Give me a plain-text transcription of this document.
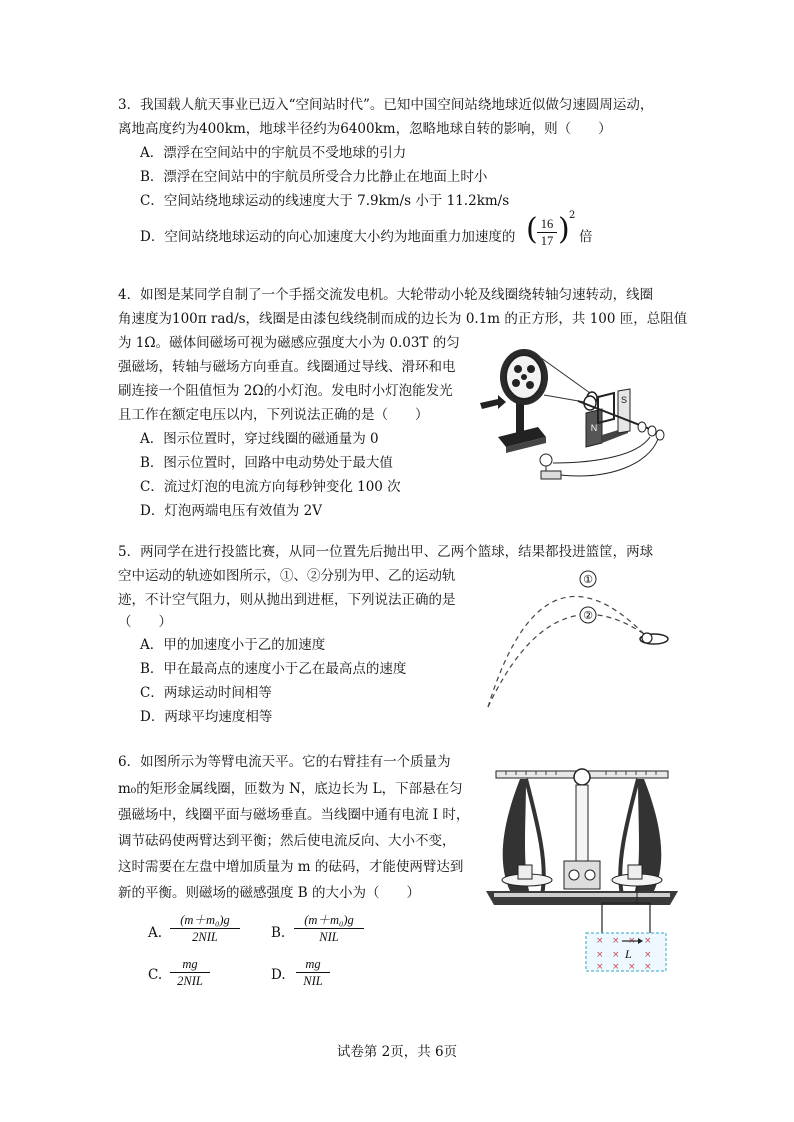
3．我国载人航天事业已迈入“空间站时代”。已知中国空间站绕地球近似做匀速圆周运动，
离地高度约为400km，地球半径约为6400km，忽略地球自转的影响，则（　　）
A．漂浮在空间站中的宇航员不受地球的引力
B．漂浮在空间站中的宇航员所受合力比静止在地面上时小
C．空间站绕地球运动的线速度大于 7.9km/s 小于 11.2km/s
D．空间站绕地球运动的向心加速度大小约为地面重力加速度的 ( $\frac{16}{17}$ ) 2
倍
4．如图是某同学自制了一个手摇交流发电机。大轮带动小轮及线圈绕转轴匀速转动，线圈
角速度为100π rad/s，线圈是由漆包线绕制而成的边长为 0.1m 的正方形，共 100 匝，总阻值
为 1Ω。磁体间磁场可视为磁感应强度大小为 0.03T 的匀
强磁场，转轴与磁场方向垂直。线圈通过导线、滑环和电
刷连接一个阻值恒为 2Ω的小灯泡。发电时小灯泡能发光
且工作在额定电压以内，下列说法正确的是（　　）
A．图示位置时，穿过线圈的磁通量为 0
B．图示位置时，回路中电动势处于最大值
C．流过灯泡的电流方向每秒钟变化 100 次
D．灯泡两端电压有效值为 2V
N
S
5．两同学在进行投篮比赛，从同一位置先后抛出甲、乙两个篮球，结果都投进篮筐，两球
空中运动的轨迹如图所示，①、②分别为甲、乙的运动轨
迹，不计空气阻力，则从抛出到进框，下列说法正确的是
（　　）
A．甲的加速度小于乙的加速度
B．甲在最高点的速度小于乙在最高点的速度
C．两球运动时间相等
D．两球平均速度相等
①
②
6．如图所示为等臂电流天平。它的右臂挂有一个质量为
m₀的矩形金属线圈，匝数为 N，底边长为 L，下部悬在匀
强磁场中，线圈平面与磁场垂直。当线圈中通有电流 I 时，
调节砝码使两臂达到平衡；然后使电流反向、大小不变，
这时需要在左盘中增加质量为 m 的砝码，才能使两臂达到
新的平衡。则磁场的磁感强度 B 的大小为（　　）
A.
(m＋m₀)g
2NIL	B.
(m＋m₀)g
NIL
C.
mg
2NIL	D.
mg
NIL
× × × ×
× ×	×
× × × ×
L
试卷第 2页，共 6页
